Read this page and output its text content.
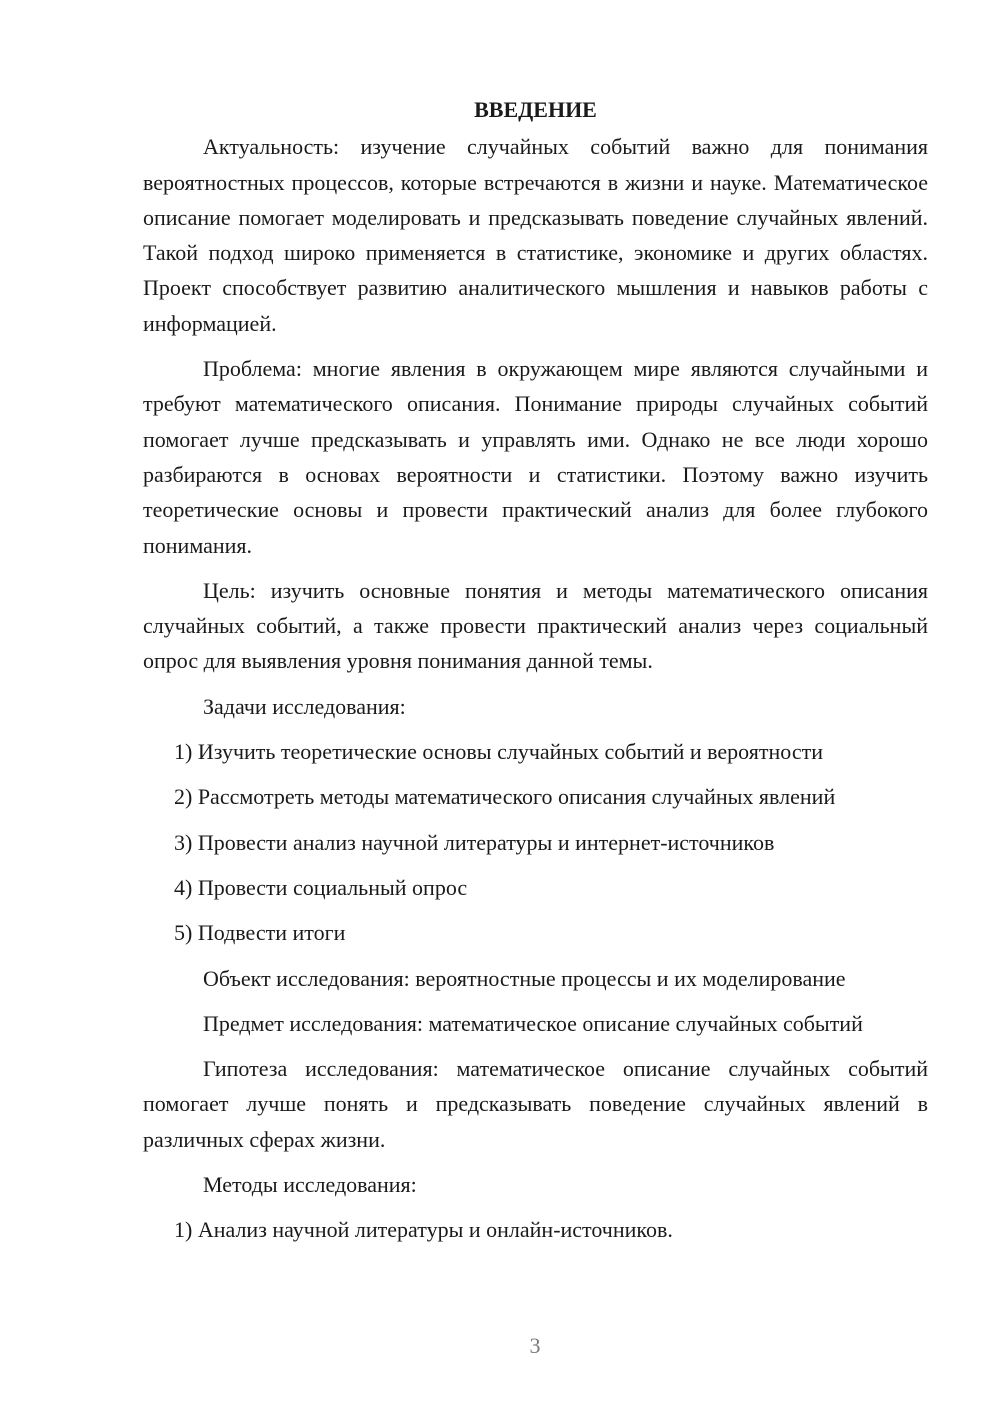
ВВЕДЕНИЕ
Актуальность: изучение случайных событий важно для понимания вероятностных процессов, которые встречаются в жизни и науке. Математическое описание помогает моделировать и предсказывать поведение случайных явлений. Такой подход широко применяется в статистике, экономике и других областях. Проект способствует развитию аналитического мышления и навыков работы с информацией.
Проблема: многие явления в окружающем мире являются случайными и требуют математического описания. Понимание природы случайных событий помогает лучше предсказывать и управлять ими. Однако не все люди хорошо разбираются в основах вероятности и статистики. Поэтому важно изучить теоретические основы и провести практический анализ для более глубокого понимания.
Цель: изучить основные понятия и методы математического описания случайных событий, а также провести практический анализ через социальный опрос для выявления уровня понимания данной темы.
Задачи исследования:
1) Изучить теоретические основы случайных событий и вероятности
2) Рассмотреть методы математического описания случайных явлений
3) Провести анализ научной литературы и интернет-источников
4) Провести социальный опрос
5) Подвести итоги
Объект исследования: вероятностные процессы и их моделирование
Предмет исследования: математическое описание случайных событий
Гипотеза исследования: математическое описание случайных событий помогает лучше понять и предсказывать поведение случайных явлений в различных сферах жизни.
Методы исследования:
1) Анализ научной литературы и онлайн-источников.
3
